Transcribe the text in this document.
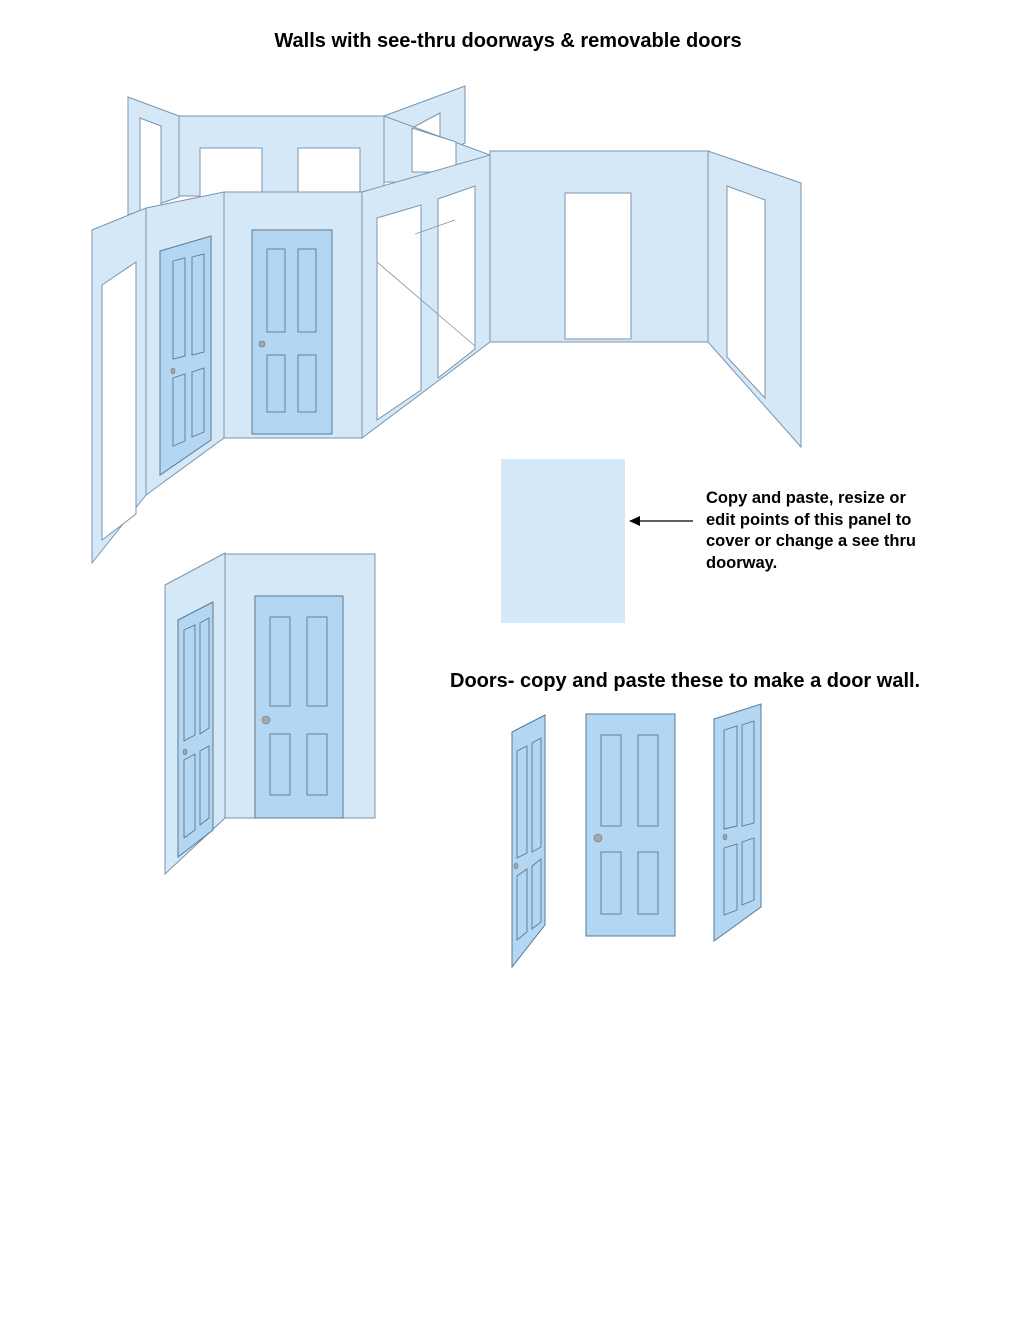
Walls with see-thru doorways & removable doors
Copy and paste, resize or edit points of this panel to cover or change a see thru doorway.
Doors- copy and paste these to make a door wall.
